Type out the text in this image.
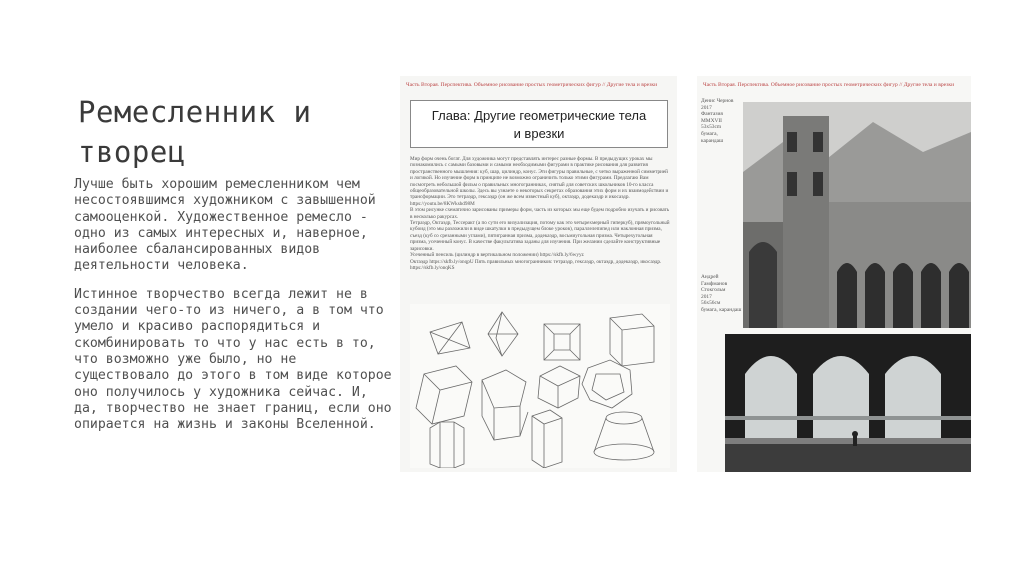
Ремесленник и творец

Лучше быть хорошим ремесленником чем несостоявшимся художником с завышенной самооценкой. Художественное ремесло - одно из самых интересных и, наверное, наиболее сбалансированных видов деятельности человека.

Истинное творчество всегда лежит не в создании чего-то из ничего, а в том что умело и красиво распорядиться и скомбинировать то что у нас есть в то, что возможно уже было, но не существовало до этого в том виде которое оно получилось у художника сейчас. И, да, творчество не знает границ, если оно опирается на жизнь и законы Вселенной.

Часть Вторая. Перспектива. Объемное рисование простых геометрических фигур // Другие тела и врезки
Глава: Другие геометрические тела
и врезки
Мир форм очень богат. Для художника могут представлять интерес разные формы. В предыдущих уроках мы познакомились с самыми базовыми и самыми необходимыми фигурами в практике рисования для развития пространственного мышления: куб, шар, цилиндр, конус. Эти фигуры правильные, с четко выраженной симметрией и логикой. Но изучение форм в принципе не возможно ограничить только этими фигурами. Предлагаю Вам посмотреть небольшой фильм о правильных многогранниках, снятый для советских школьников 10-го класса общеобразовательной школы. Здесь вы узнаете о некоторых секретах образования этих форм и их взаимодействии и трансформации. Это тетраэдр, гексаэдр (он же всем известный куб), октаэдр, додекаэдр и икосаэдр.
https://youtu.be/8KWkshd98M
В этом рисунке схематично зарисованы примеры форм, часть из которых мы еще будем подробно изучать и рисовать в несколько ракурсах.
Тетраэдр, Октаэдр, Тессеракт (а по сути его визуализация, потому как это четырехмерный гиперкуб), прямоугольный кубоид (это мы разложили в виде шкатулки в предыдущем блоке уроков), параллелепипед или наклонная призма, съезд (куб со срезанными углами), пятигранная призма, додекаэдр, восьмиугольная призма. Четырехугольная призма, усеченный конус. В качестве факультатива заданы для изучения. При желании сделайте конструктивные зарисовки.
Усеченный пенсиль (цилиндр в вертикальном положении) https://skfb.ly/6wyyz
Октаэдр https://skfb.ly/onqpU Пять правильных многогранников: тетраэдр, гексаэдр, октаэдр, додекаэдр, икосаэдр. https://skfb.ly/onqKS
Часть Вторая. Перспектива. Объемное рисование простых геометрических фигур // Другие тела и врезки
Денис Чернов
2017
Фантазия
MMXVII
53x53cm
бумага,
карандаш
Андрей
Гамфманов
Стокгольм
2017
56x56см
бумага, карандаш
